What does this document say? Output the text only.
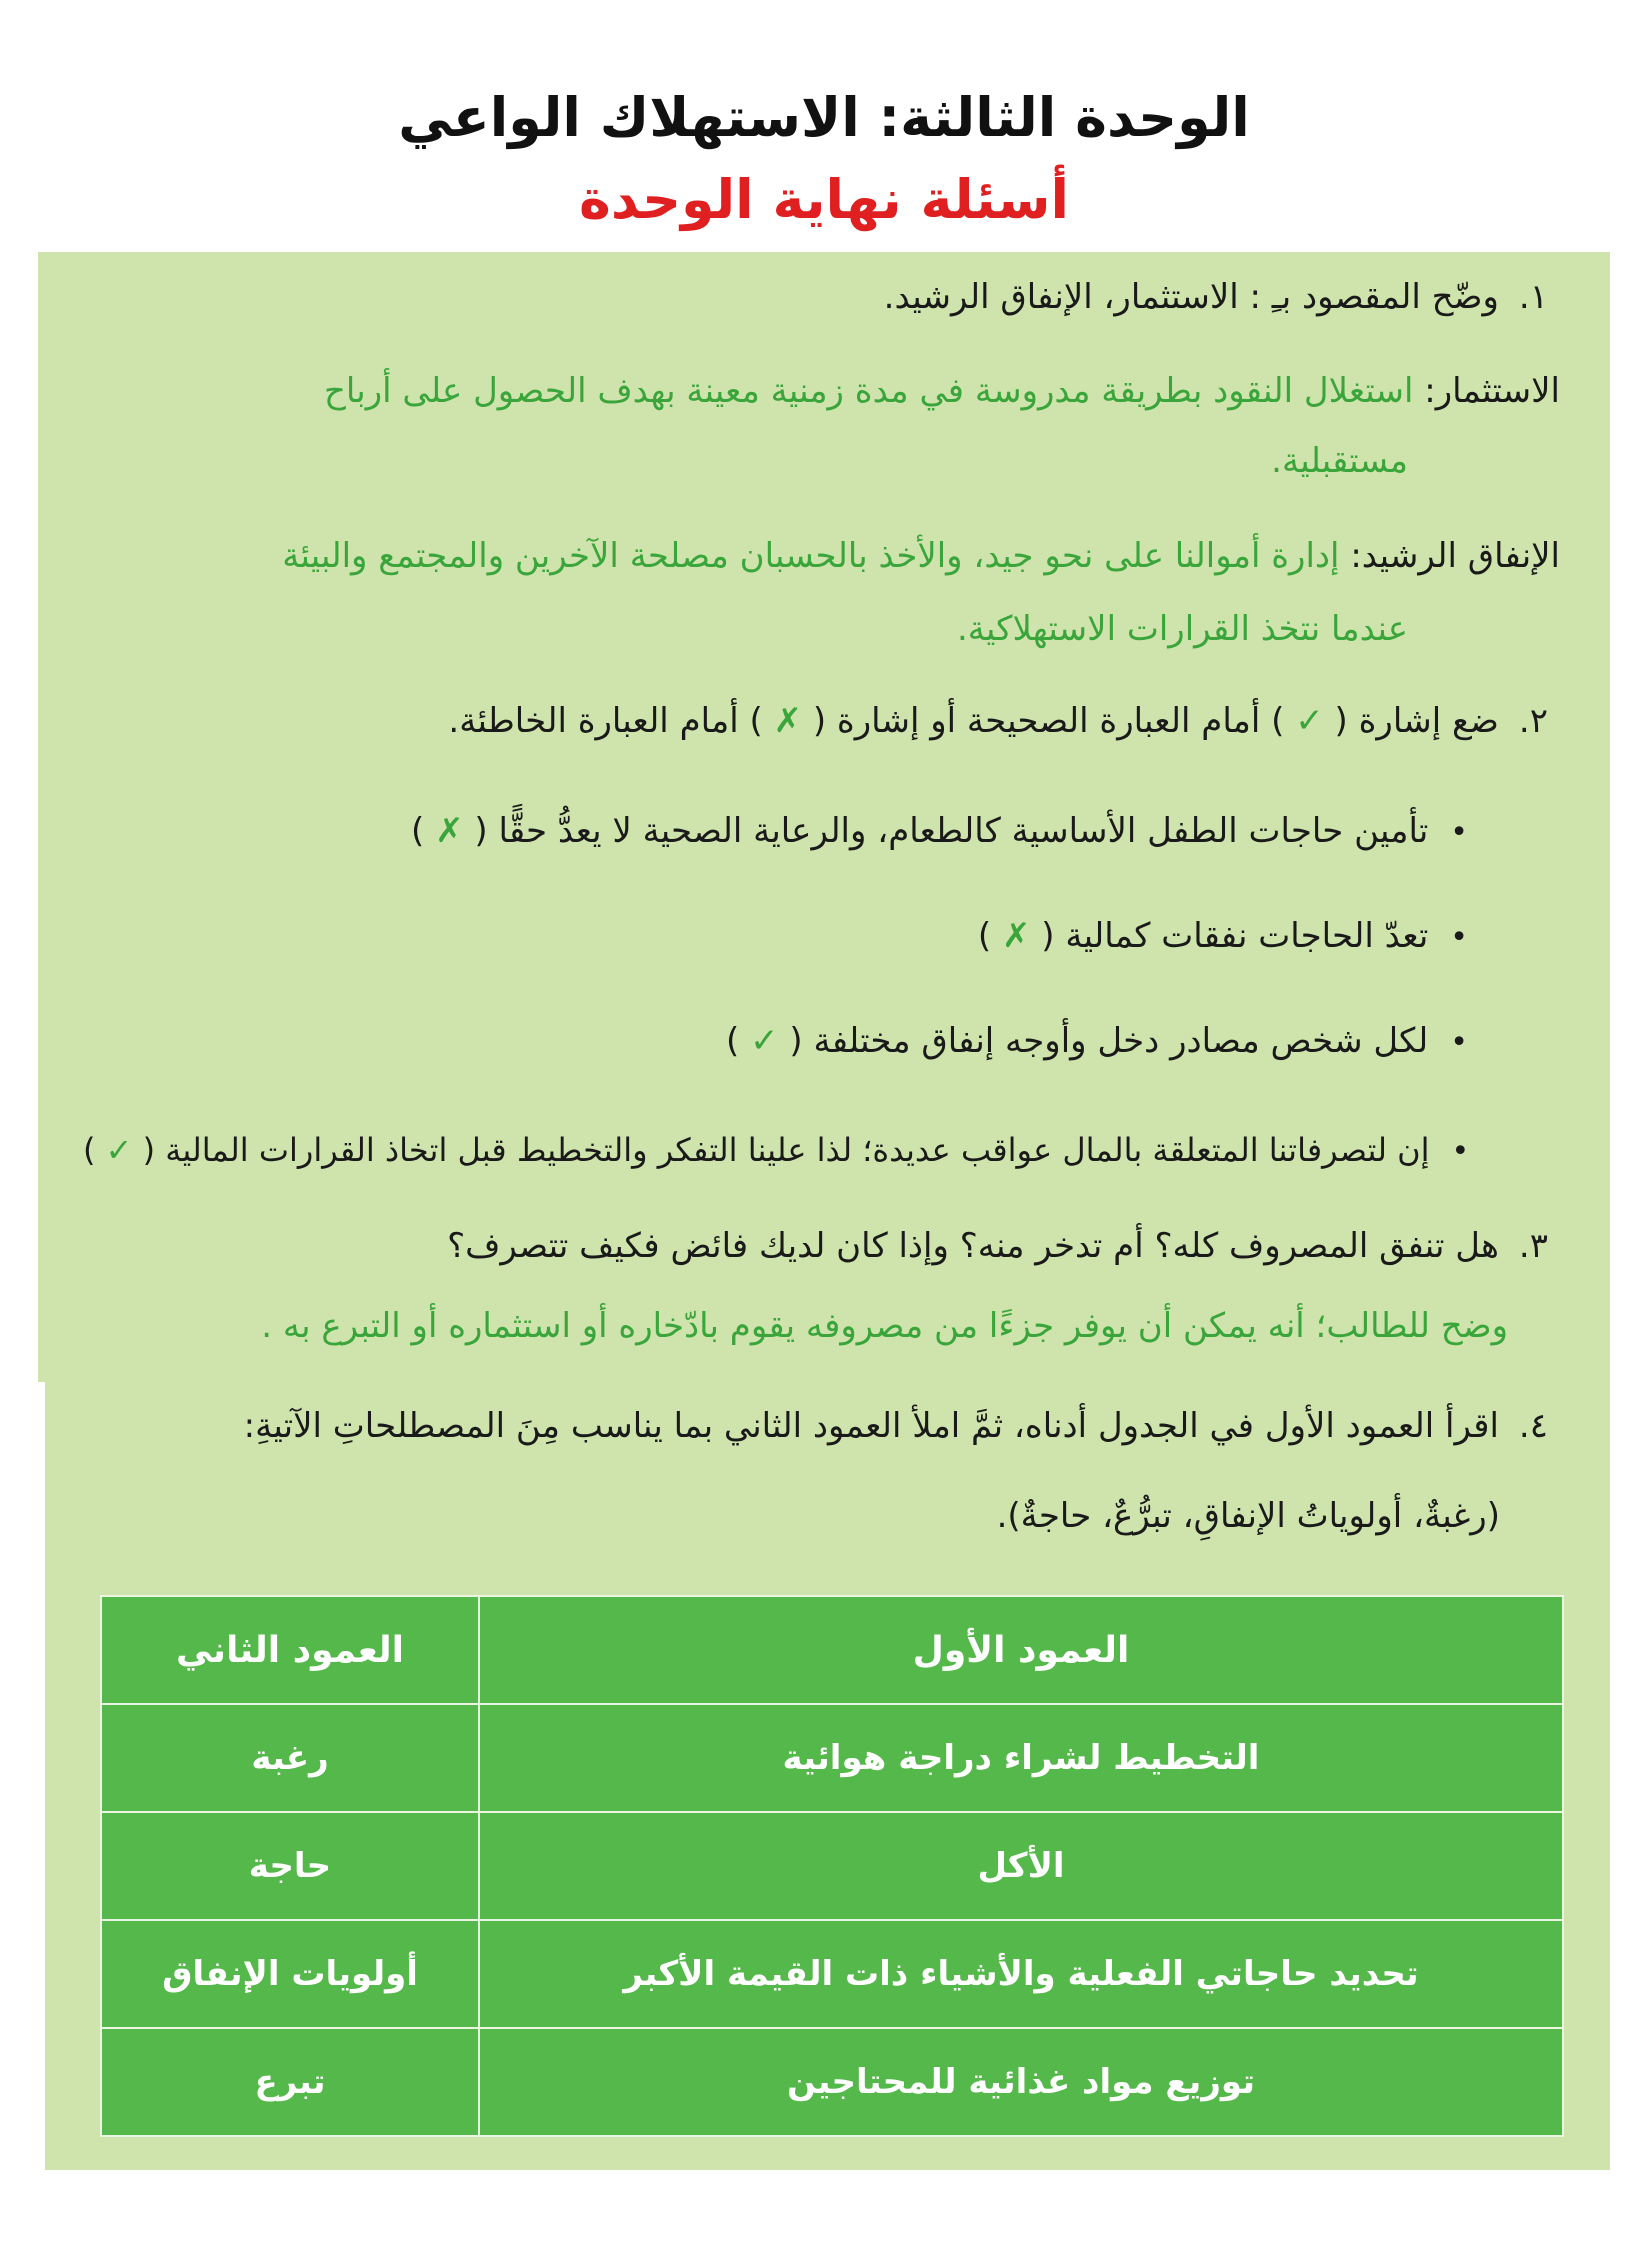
الوحدة الثالثة: الاستهلاك الواعي
أسئلة نهاية الوحدة
١.وضّح المقصود بـِ : الاستثمار، الإنفاق الرشيد.
الاستثمار: استغلال النقود بطريقة مدروسة في مدة زمنية معينة بهدف الحصول على أرباح
مستقبلية.
الإنفاق الرشيد: إدارة أموالنا على نحو جيد، والأخذ بالحسبان مصلحة الآخرين والمجتمع والبيئة
عندما نتخذ القرارات الاستهلاكية.
٢.ضع إشارة ( ✓ ) أمام العبارة الصحيحة أو إشارة ( ✗ ) أمام العبارة الخاطئة.
•تأمين حاجات الطفل الأساسية كالطعام، والرعاية الصحية لا يعدُّ حقًّا ( ✗ )
•تعدّ الحاجات نفقات كمالية ( ✗ )
•لكل شخص مصادر دخل وأوجه إنفاق مختلفة ( ✓ )
•إن لتصرفاتنا المتعلقة بالمال عواقب عديدة؛ لذا علينا التفكر والتخطيط قبل اتخاذ القرارات المالية ( ✓ )
٣.هل تنفق المصروف كله؟ أم تدخر منه؟ وإذا كان لديك فائض فكيف تتصرف؟
وضح للطالب؛ أنه يمكن أن يوفر جزءًا من مصروفه يقوم بادّخاره أو استثماره أو التبرع به .
٤.اقرأ العمود الأول في الجدول أدناه، ثمَّ املأ العمود الثاني بما يناسب مِنَ المصطلحاتِ الآتيةِ:
(رغبةٌ، أولوياتُ الإنفاقِ، تبرُّعٌ، حاجةٌ).
العمود الأول	العمود الثاني
التخطيط لشراء دراجة هوائية	رغبة
الأكل	حاجة
تحديد حاجاتي الفعلية والأشياء ذات القيمة الأكبر	أولويات الإنفاق
توزيع مواد غذائية للمحتاجين	تبرع
